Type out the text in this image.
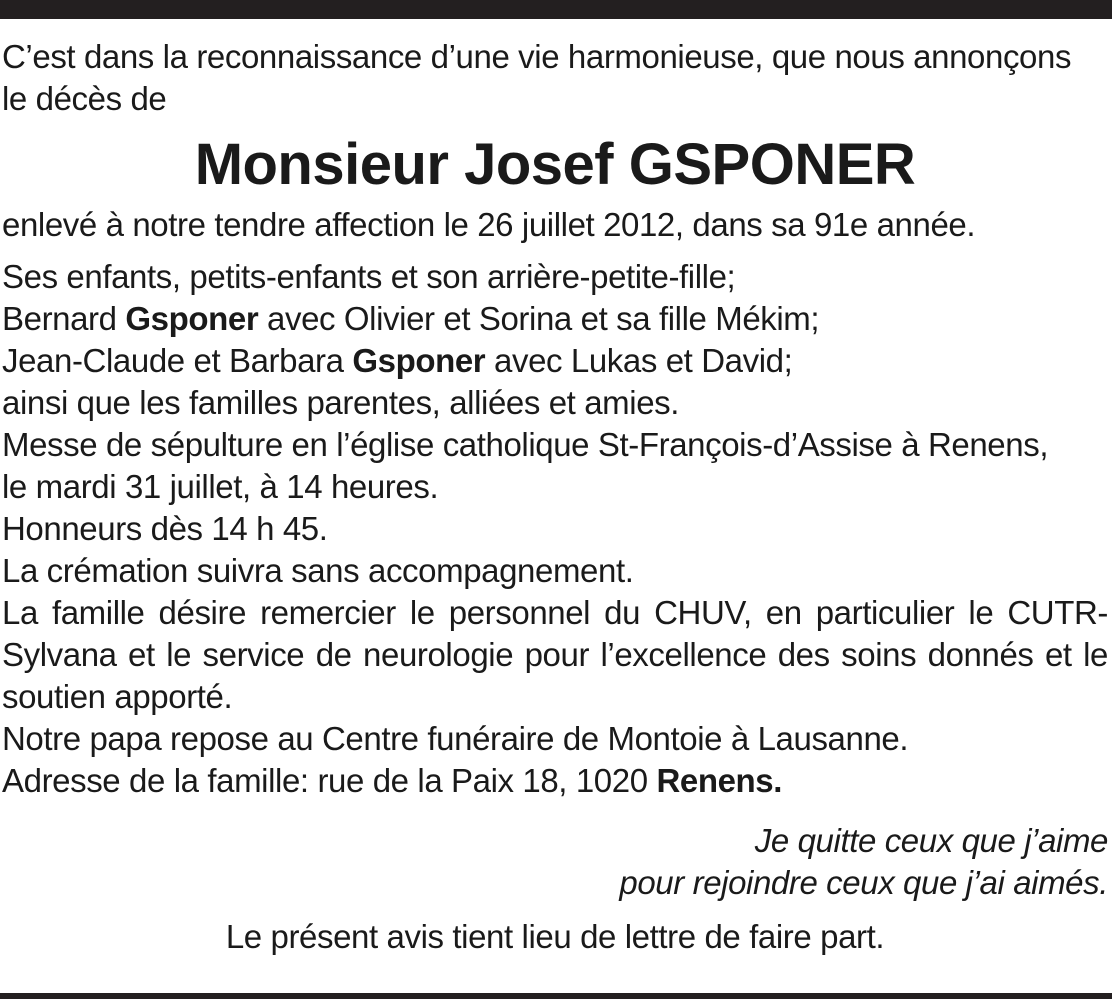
C’est dans la reconnaissance d’une vie harmonieuse, que nous annonçons

le décès de

Monsieur Josef GSPONER

enlevé à notre tendre affection le 26 juillet 2012, dans sa 91e année.

Ses enfants, petits-enfants et son arrière-petite-fille;

Bernard Gsponer avec Olivier et Sorina et sa fille Mékim;

Jean-Claude et Barbara Gsponer avec Lukas et David;

ainsi que les familles parentes, alliées et amies.

Messe de sépulture en l’église catholique St-François-d’Assise à Renens,

le mardi 31 juillet, à 14 heures.

Honneurs dès 14 h 45.

La crémation suivra sans accompagnement.

La famille désire remercier le personnel du CHUV, en particulier le CUTR-Sylvana et le service de neurologie pour l’excellence des soins donnés et le soutien apporté.

Notre papa repose au Centre funéraire de Montoie à Lausanne.

Adresse de la famille: rue de la Paix 18, 1020 Renens.

Je quitte ceux que j’aime

pour rejoindre ceux que j’ai aimés.

Le présent avis tient lieu de lettre de faire part.
